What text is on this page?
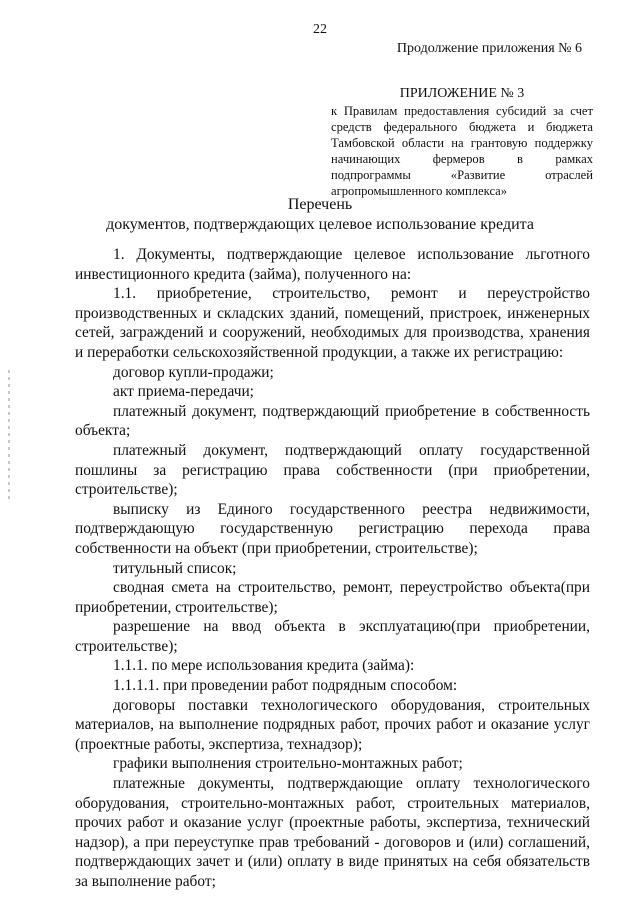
22
Продолжение приложения № 6
ПРИЛОЖЕНИЕ № 3
к Правилам предоставления субсидий за счет
средств федерального бюджета и бюджета
Тамбовской области на грантовую поддержку
начинающих фермеров в рамках
подпрограммы «Развитие отраслей
агропромышленного комплекса»
Перечень
документов, подтверждающих целевое использование кредита

1. Документы, подтверждающие целевое использование льготного инвестиционного кредита (займа), полученного на:

1.1. приобретение, строительство, ремонт и переустройство производственных и складских зданий, помещений, пристроек, инженерных сетей, заграждений и сооружений, необходимых для производства, хранения и переработки сельскохозяйственной продукции, а также их регистрацию:

договор купли-продажи;

акт приема-передачи;

платежный документ, подтверждающий приобретение в собственность объекта;

платежный документ, подтверждающий оплату государственной пошлины за регистрацию права собственности (при приобретении, строительстве);

выписку из Единого государственного реестра недвижимости, подтверждающую государственную регистрацию перехода права собственности на объект (при приобретении, строительстве);

титульный список;

сводная смета на строительство, ремонт, переустройство объекта(при приобретении, строительстве);

разрешение на ввод объекта в эксплуатацию(при приобретении, строительстве);

1.1.1. по мере использования кредита (займа):

1.1.1.1. при проведении работ подрядным способом:

договоры поставки технологического оборудования, строительных материалов, на выполнение подрядных работ, прочих работ и оказание услуг (проектные работы, экспертиза, технадзор);

графики выполнения строительно-монтажных работ;

платежные документы, подтверждающие оплату технологического оборудования, строительно-монтажных работ, строительных материалов, прочих работ и оказание услуг (проектные работы, экспертиза, технический надзор), а при переуступке прав требований - договоров и (или) соглашений, подтверждающих зачет и (или) оплату в виде принятых на себя обязательств за выполнение работ;
